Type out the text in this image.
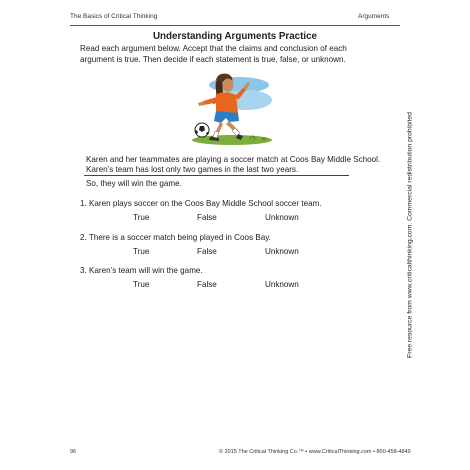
The Basics of Critical Thinking	Arguments
Understanding Arguments Practice
Read each argument below. Accept that the claims and conclusion of each argument is true. Then decide if each statement is true, false, or unknown.
Karen and her teammates are playing a soccer match at Coos Bay Middle School.
Karen’s team has lost only two games in the last two years.
So, they will win the game.
1. Karen plays soccer on the Coos Bay Middle School soccer team.
True	False	Unknown
2. There is a soccer match being played in Coos Bay.
True	False	Unknown
3. Karen’s team will win the game.
True	False	Unknown	Free resource from www.criticalthinking.com. Commercial redistribution prohibited
96	© 2015 The Critical Thinking Co.™ • www.CriticalThinking.com • 800-458-4849
